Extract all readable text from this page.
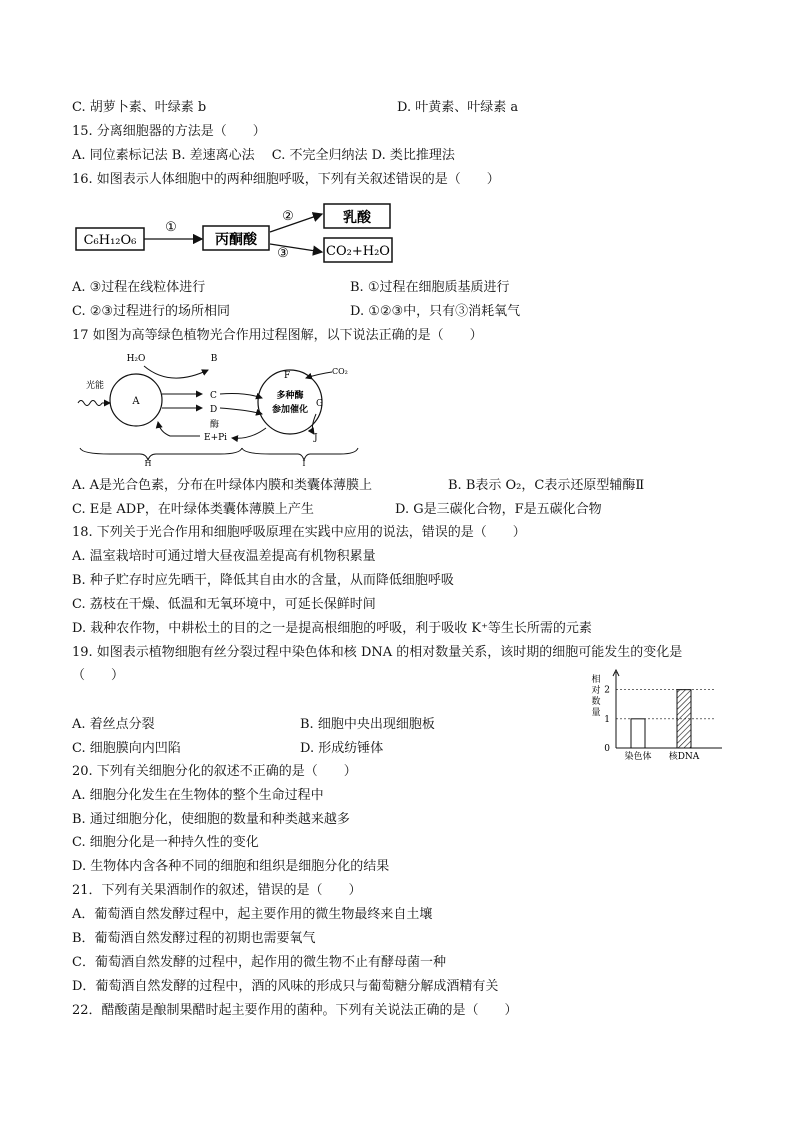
C. 胡萝卜素、叶绿素 b	D. 叶黄素、叶绿素 a
15. 分离细胞器的方法是（　　）
A. 同位素标记法 B. 差速离心法　 C. 不完全归纳法 D. 类比推理法
16. 如图表示人体细胞中的两种细胞呼吸，下列有关叙述错误的是（　　）
C₆H₁₂O₆
①
丙酮酸
②
③
乳酸
CO₂+H₂O
A. ③过程在线粒体进行	B. ①过程在细胞质基质进行
C. ②③过程进行的场所相同	D. ①②③中，只有③消耗氧气
17 如图为高等绿色植物光合作用过程图解，以下说法正确的是（　　）
光能
A
H₂O	B
C
D
酶
E+Pi
F	CO₂
多种酶
参加催化
G
J
H	I
A. A是光合色素，分布在叶绿体内膜和类囊体薄膜上	B. B表示 O₂，C表示还原型辅酶Ⅱ
C. E是 ADP，在叶绿体类囊体薄膜上产生	D. G是三碳化合物，F是五碳化合物
18. 下列关于光合作用和细胞呼吸原理在实践中应用的说法，错误的是（　　）
A. 温室栽培时可通过增大昼夜温差提高有机物积累量
B. 种子贮存时应先晒干，降低其自由水的含量，从而降低细胞呼吸
C. 荔枝在干燥、低温和无氧环境中，可延长保鲜时间
D. 栽种农作物，中耕松土的目的之一是提高根细胞的呼吸，利于吸收 K⁺等生长所需的元素
19. 如图表示植物细胞有丝分裂过程中染色体和核 DNA 的相对数量关系，该时期的细胞可能发生的变化是
（　　）	相
对
数
量
0
1
2
染色体 核DNA
A. 着丝点分裂	B. 细胞中央出现细胞板
C. 细胞膜向内凹陷	D. 形成纺锤体
20. 下列有关细胞分化的叙述不正确的是（　　）
A. 细胞分化发生在生物体的整个生命过程中
B. 通过细胞分化，使细胞的数量和种类越来越多
C. 细胞分化是一种持久性的变化
D. 生物体内含各种不同的细胞和组织是细胞分化的结果
21．下列有关果酒制作的叙述，错误的是（　　）
A．葡萄酒自然发酵过程中，起主要作用的微生物最终来自土壤
B．葡萄酒自然发酵过程的初期也需要氧气
C．葡萄酒自然发酵的过程中，起作用的微生物不止有酵母菌一种
D．葡萄酒自然发酵的过程中，酒的风味的形成只与葡萄糖分解成酒精有关
22．醋酸菌是酿制果醋时起主要作用的菌种。下列有关说法正确的是（　　）
